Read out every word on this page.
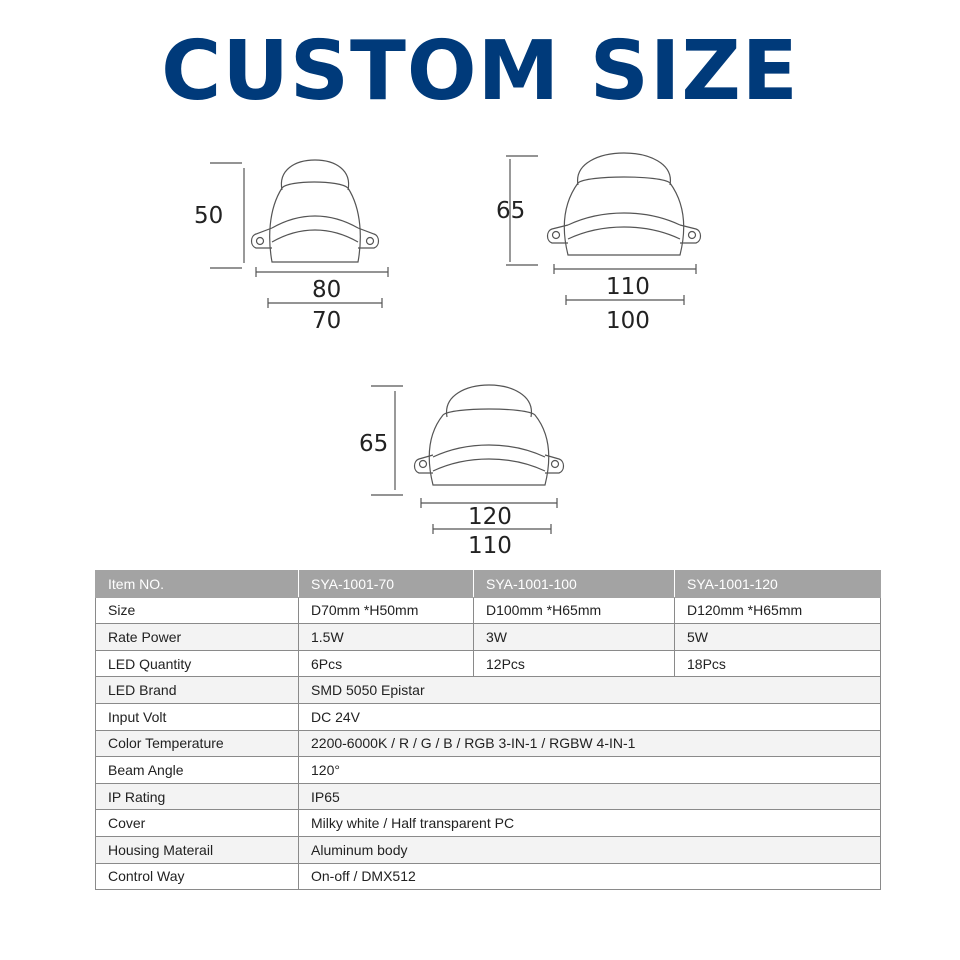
CUSTOM SIZE
50
80
70
65
110
100
65
120
110
Item NO.	SYA-1001-70	SYA-1001-100	SYA-1001-120
Size	D70mm *H50mm	D100mm *H65mm	D120mm *H65mm
Rate Power	1.5W	3W	5W
LED Quantity	6Pcs	12Pcs	18Pcs
LED Brand	SMD 5050 Epistar		
Input Volt	DC 24V		
Color Temperature	2200-6000K / R / G / B / RGB 3-IN-1 / RGBW 4-IN-1		
Beam Angle	120°		
IP Rating	IP65		
Cover	Milky white / Half transparent PC		
Housing Materail	Aluminum body		
Control Way	On-off / DMX512		
